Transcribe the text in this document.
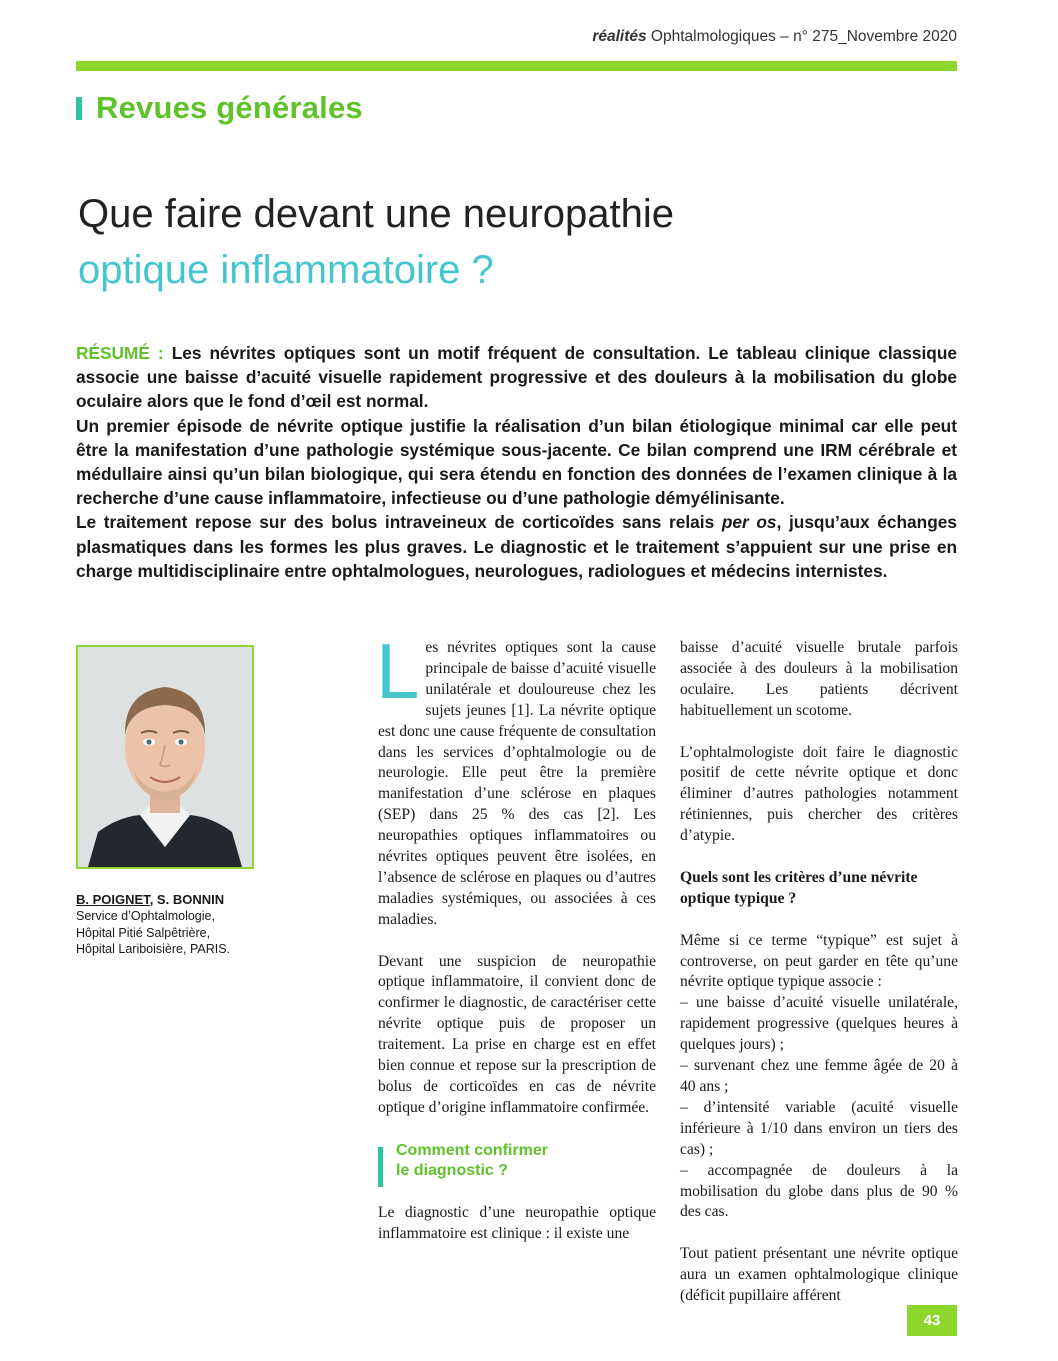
réalités Ophtalmologiques – n° 275_Novembre 2020
Revues générales
Que faire devant une neuropathie
optique inflammatoire ?

RÉSUMÉ : Les névrites optiques sont un motif fréquent de consultation. Le tableau clinique classique associe une baisse d’acuité visuelle rapidement progressive et des douleurs à la mobilisation du globe oculaire alors que le fond d’œil est normal.

Un premier épisode de névrite optique justifie la réalisation d’un bilan étiologique minimal car elle peut être la manifestation d’une pathologie systémique sous-jacente. Ce bilan comprend une IRM cérébrale et médullaire ainsi qu’un bilan biologique, qui sera étendu en fonction des données de l’examen clinique à la recherche d’une cause inflammatoire, infectieuse ou d’une pathologie démyélinisante.

Le traitement repose sur des bolus intraveineux de corticoïdes sans relais per os, jusqu’aux échanges plasmatiques dans les formes les plus graves. Le diagnostic et le traitement s’appuient sur une prise en charge multidisciplinaire entre ophtalmologues, neurologues, radiologues et médecins internistes.

B. POIGNET, S. BONNIN
Service d’Ophtalmologie,
Hôpital Pitié Salpêtrière,
Hôpital Lariboisière, PARIS.

Les névrites optiques sont la cause principale de baisse d’acuité visuelle unilatérale et douloureuse chez les sujets jeunes [1]. La névrite optique est donc une cause fréquente de consultation dans les services d’ophtalmologie ou de neurologie. Elle peut être la première manifestation d’une sclérose en plaques (SEP) dans 25 % des cas [2]. Les neuropathies optiques inflammatoires ou névrites optiques peuvent être isolées, en l’absence de sclérose en plaques ou d’autres maladies systémiques, ou associées à ces maladies.

Devant une suspicion de neuropathie optique inflammatoire, il convient donc de confirmer le diagnostic, de caractériser cette névrite optique puis de proposer un traitement. La prise en charge est en effet bien connue et repose sur la prescription de bolus de corticoïdes en cas de névrite optique d’origine inflammatoire confirmée.

Comment confirmer
le diagnostic ?

Le diagnostic d’une neuropathie optique inflammatoire est clinique : il existe une

baisse d’acuité visuelle brutale parfois associée à des douleurs à la mobilisation oculaire. Les patients décrivent habituellement un scotome.

L’ophtalmologiste doit faire le diagnostic positif de cette névrite optique et donc éliminer d’autres pathologies notamment rétiniennes, puis chercher des critères d’atypie.

Quels sont les critères d’une névrite optique typique ?

Même si ce terme “typique” est sujet à controverse, on peut garder en tête qu’une névrite optique typique associe :
– une baisse d’acuité visuelle unilatérale, rapidement progressive (quelques heures à quelques jours) ;
– survenant chez une femme âgée de 20 à 40 ans ;
– d’intensité variable (acuité visuelle inférieure à 1/10 dans environ un tiers des cas) ;

– accompagnée de douleurs à la mobilisation du globe dans plus de 90 % des cas.

Tout patient présentant une névrite optique aura un examen ophtalmologique clinique (déficit pupillaire afférent

43
